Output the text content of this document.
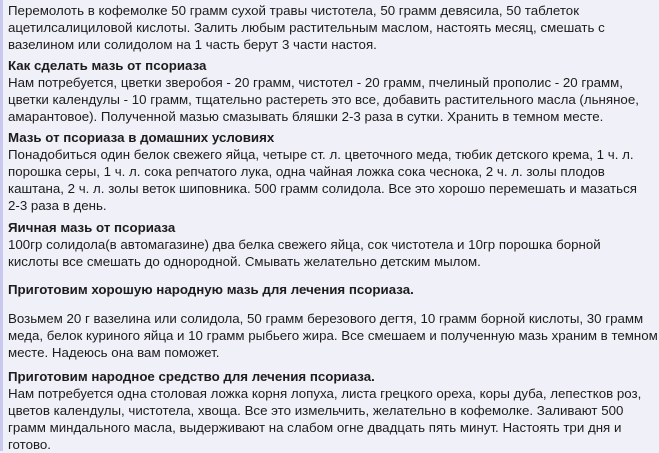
Перемолоть в кофемолке 50 грамм сухой травы чистотела, 50 грамм девясила, 50 таблеток
ацетилсалициловой кислоты. Залить любым растительным маслом, настоять месяц, смешать с
вазелином или солидолом на 1 часть берут 3 части настоя.
Как сделать мазь от псориаза
Нам потребуется, цветки зверобоя - 20 грамм, чистотел - 20 грамм, пчелиный прополис - 20 грамм,
цветки календулы - 10 грамм, тщательно растереть это все, добавить растительного масла (льняное,
амарантовое). Полученной мазью смазывать бляшки 2-3 раза в сутки. Хранить в темном месте.
Мазь от псориаза в домашних условиях
Понадобиться один белок свежего яйца, четыре ст. л. цветочного меда, тюбик детского крема, 1 ч. л.
порошка серы, 1 ч. л. сока репчатого лука, одна чайная ложка сока чеснока, 2 ч. л. золы плодов
каштана, 2 ч. л. золы веток шиповника. 500 грамм солидола. Все это хорошо перемешать и мазаться
2-3 раза в день.
Яичная мазь от псориаза
100гр солидола(в автомагазине) два белка свежего яйца, сок чистотела и 10гр порошка борной
кислоты все смешать до однородной. Смывать желательно детским мылом.
Приготовим хорошую народную мазь для лечения псориаза.
Возьмем 20 г вазелина или солидола, 50 грамм березового дегтя, 10 грамм борной кислоты, 30 грамм
меда, белок куриного яйца и 10 грамм рыбьего жира. Все смешаем и полученную мазь храним в темном
месте. Надеюсь она вам поможет.
Приготовим народное средство для лечения псориаза.
Нам потребуется одна столовая ложка корня лопуха, листа грецкого ореха, коры дуба, лепестков роз,
цветов календулы, чистотела, хвоща. Все это измельчить, желательно в кофемолке. Заливают 500
грамм миндального масла, выдерживают на слабом огне двадцать пять минут. Настоять три дня и
готово.
